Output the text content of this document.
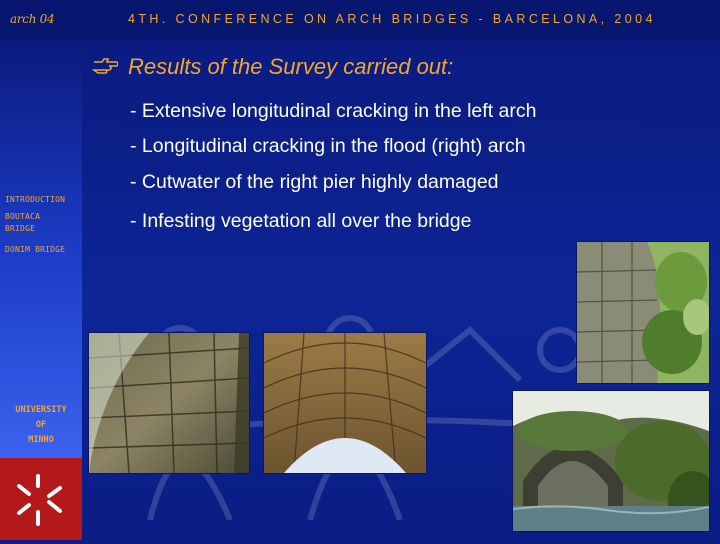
arch 04	4TH. CONFERENCE ON ARCH BRIDGES - BARCELONA, 2004
INTRODUCTION
BOUTACA BRIDGE
DONIM BRIDGE
UNIVERSITY
OF
MINHO
Results of the Survey carried out:
- Extensive longitudinal cracking in the left arch
- Longitudinal cracking in the flood (right) arch
- Cutwater of the right pier highly damaged
- Infesting vegetation all over the bridge
